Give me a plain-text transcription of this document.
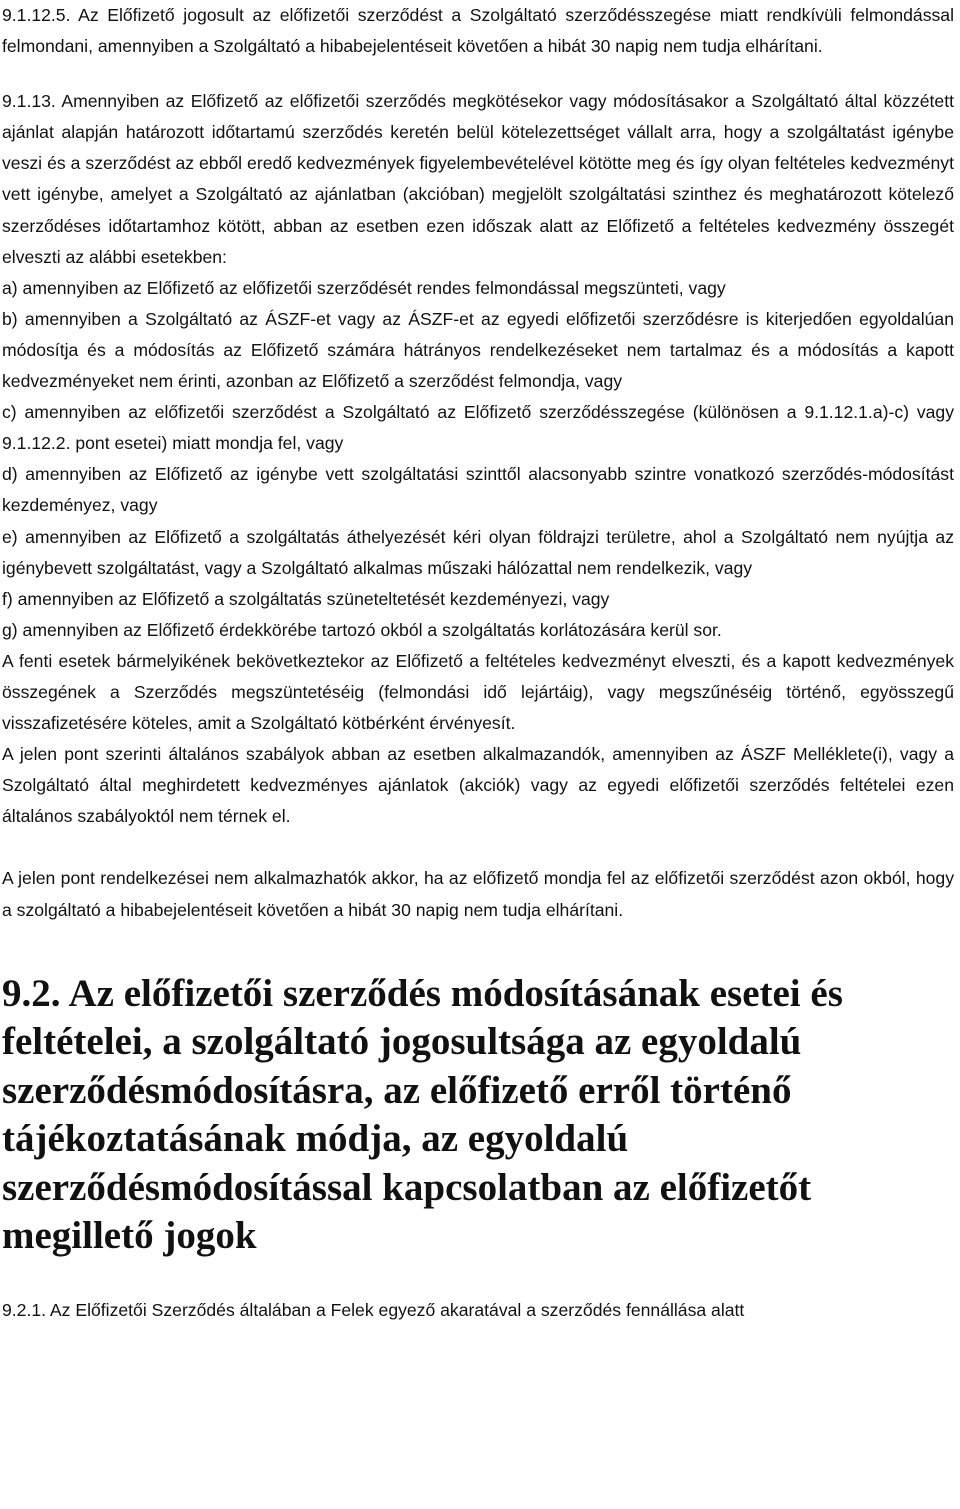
9.1.12.5. Az Előfizető jogosult az előfizetői szerződést a Szolgáltató szerződésszegése miatt rendkívüli felmondással felmondani, amennyiben a Szolgáltató a hibabejelentéseit követően a hibát 30 napig nem tudja elhárítani.

9.1.13. Amennyiben az Előfizető az előfizetői szerződés megkötésekor vagy módosításakor a Szolgáltató által közzétett ajánlat alapján határozott időtartamú szerződés keretén belül kötelezettséget vállalt arra, hogy a szolgáltatást igénybe veszi és a szerződést az ebből eredő kedvezmények figyelembevételével kötötte meg és így olyan feltételes kedvezményt vett igénybe, amelyet a Szolgáltató az ajánlatban (akcióban) megjelölt szolgáltatási szinthez és meghatározott kötelező szerződéses időtartamhoz kötött, abban az esetben ezen időszak alatt az Előfizető a feltételes kedvezmény összegét elveszti az alábbi esetekben:

a) amennyiben az Előfizető az előfizetői szerződését rendes felmondással megszünteti, vagy

b) amennyiben a Szolgáltató az ÁSZF-et vagy az ÁSZF-et az egyedi előfizetői szerződésre is kiterjedően egyoldalúan módosítja és a módosítás az Előfizető számára hátrányos rendelkezéseket nem tartalmaz és a módosítás a kapott kedvezményeket nem érinti, azonban az Előfizető a szerződést felmondja, vagy

c) amennyiben az előfizetői szerződést a Szolgáltató az Előfizető szerződésszegése (különösen a 9.1.12.1.a)-c) vagy 9.1.12.2. pont esetei) miatt mondja fel, vagy

d) amennyiben az Előfizető az igénybe vett szolgáltatási szinttől alacsonyabb szintre vonatkozó szerződés-módosítást kezdeményez, vagy

e) amennyiben az Előfizető a szolgáltatás áthelyezését kéri olyan földrajzi területre, ahol a Szolgáltató nem nyújtja az igénybevett szolgáltatást, vagy a Szolgáltató alkalmas műszaki hálózattal nem rendelkezik, vagy

f) amennyiben az Előfizető a szolgáltatás szüneteltetését kezdeményezi, vagy

g) amennyiben az Előfizető érdekkörébe tartozó okból a szolgáltatás korlátozására kerül sor.

A fenti esetek bármelyikének bekövetkeztekor az Előfizető a feltételes kedvezményt elveszti, és a kapott kedvezmények összegének a Szerződés megszüntetéséig (felmondási idő lejártáig), vagy megszűnéséig történő, egyösszegű visszafizetésére köteles, amit a Szolgáltató kötbérként érvényesít.

A jelen pont szerinti általános szabályok abban az esetben alkalmazandók, amennyiben az ÁSZF Melléklete(i), vagy a Szolgáltató által meghirdetett kedvezményes ajánlatok (akciók) vagy az egyedi előfizetői szerződés feltételei ezen általános szabályoktól nem térnek el.

A jelen pont rendelkezései nem alkalmazhatók akkor, ha az előfizető mondja fel az előfizetői szerződést azon okból, hogy a szolgáltató a hibabejelentéseit követően a hibát 30 napig nem tudja elhárítani.

9.2. Az előfizetői szerződés módosításának esetei és feltételei, a szolgáltató jogosultsága az egyoldalú szerződésmódosításra, az előfizető erről történő tájékoztatásának módja, az egyoldalú szerződésmódosítással kapcsolatban az előfizetőt megillető jogok

9.2.1. Az Előfizetői Szerződés általában a Felek egyező akaratával a szerződés fennállása alatt
